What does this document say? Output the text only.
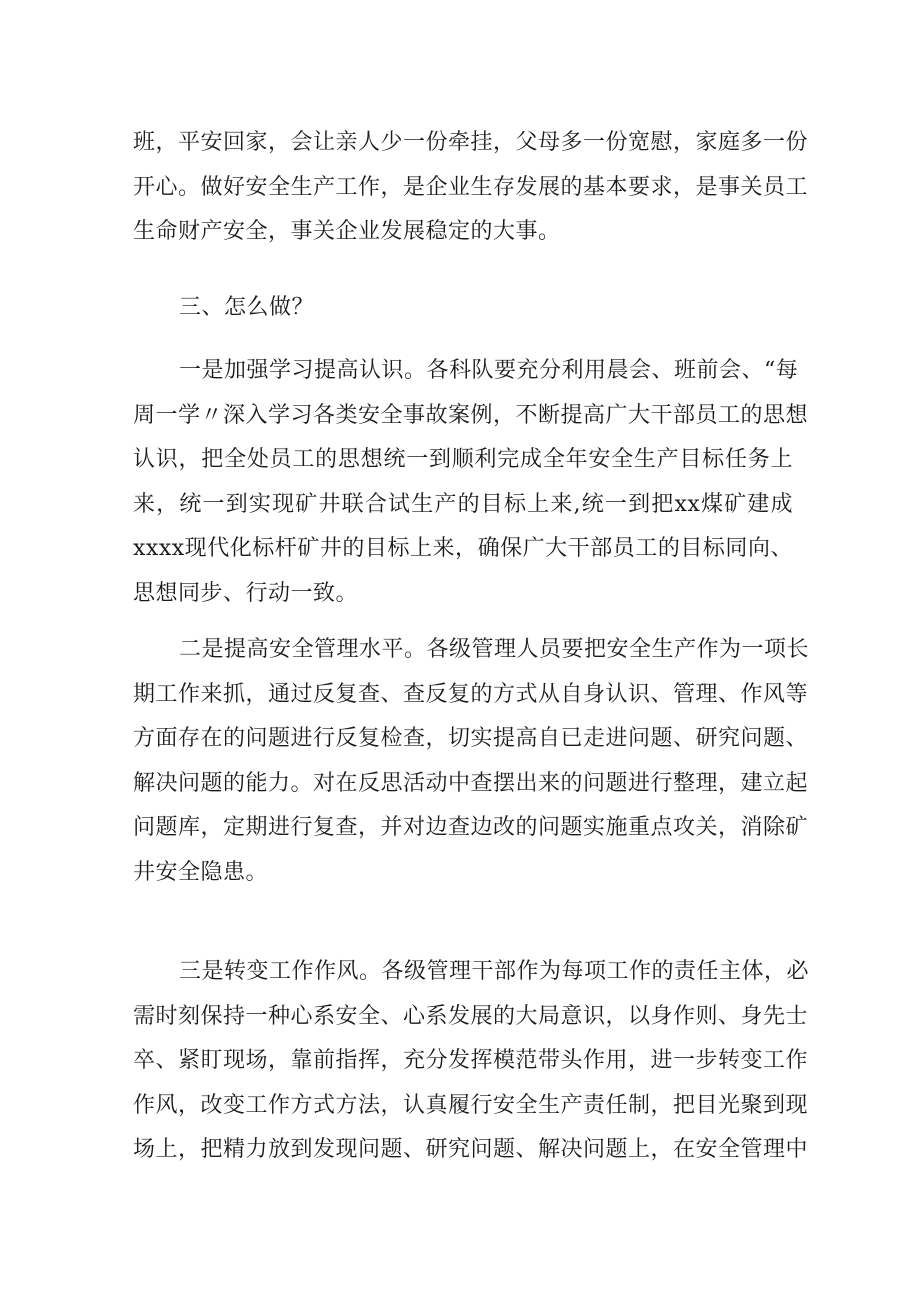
班，平安回家，会让亲人少一份牵挂，父母多一份宽慰，家庭多一份
开心。做好安全生产工作，是企业生存发展的基本要求，是事关员工
生命财产安全，事关企业发展稳定的大事。

三、怎么做？

一是加强学习提高认识。各科队要充分利用晨会、班前会、“每
周一学〃深入学习各类安全事故案例，不断提高广大干部员工的思想
认识，把全处员工的思想统一到顺利完成全年安全生产目标任务上
来，统一到实现矿井联合试生产的目标上来,统一到把xx煤矿建成
xxxx现代化标杆矿井的目标上来，确保广大干部员工的目标同向、
思想同步、行动一致。

二是提高安全管理水平。各级管理人员要把安全生产作为一项长
期工作来抓，通过反复查、查反复的方式从自身认识、管理、作风等
方面存在的问题进行反复检查，切实提高自已走进问题、研究问题、
解决问题的能力。对在反思活动中查摆出来的问题进行整理，建立起
问题库，定期进行复查，并对边查边改的问题实施重点攻关，消除矿
井安全隐患。

三是转变工作作风。各级管理干部作为每项工作的责任主体，必
需时刻保持一种心系安全、心系发展的大局意识，以身作则、身先士
卒、紧盯现场，靠前指挥，充分发挥模范带头作用，进一步转变工作
作风，改变工作方式方法，认真履行安全生产责任制，把目光聚到现
场上，把精力放到发现问题、研究问题、解决问题上，在安全管理中
